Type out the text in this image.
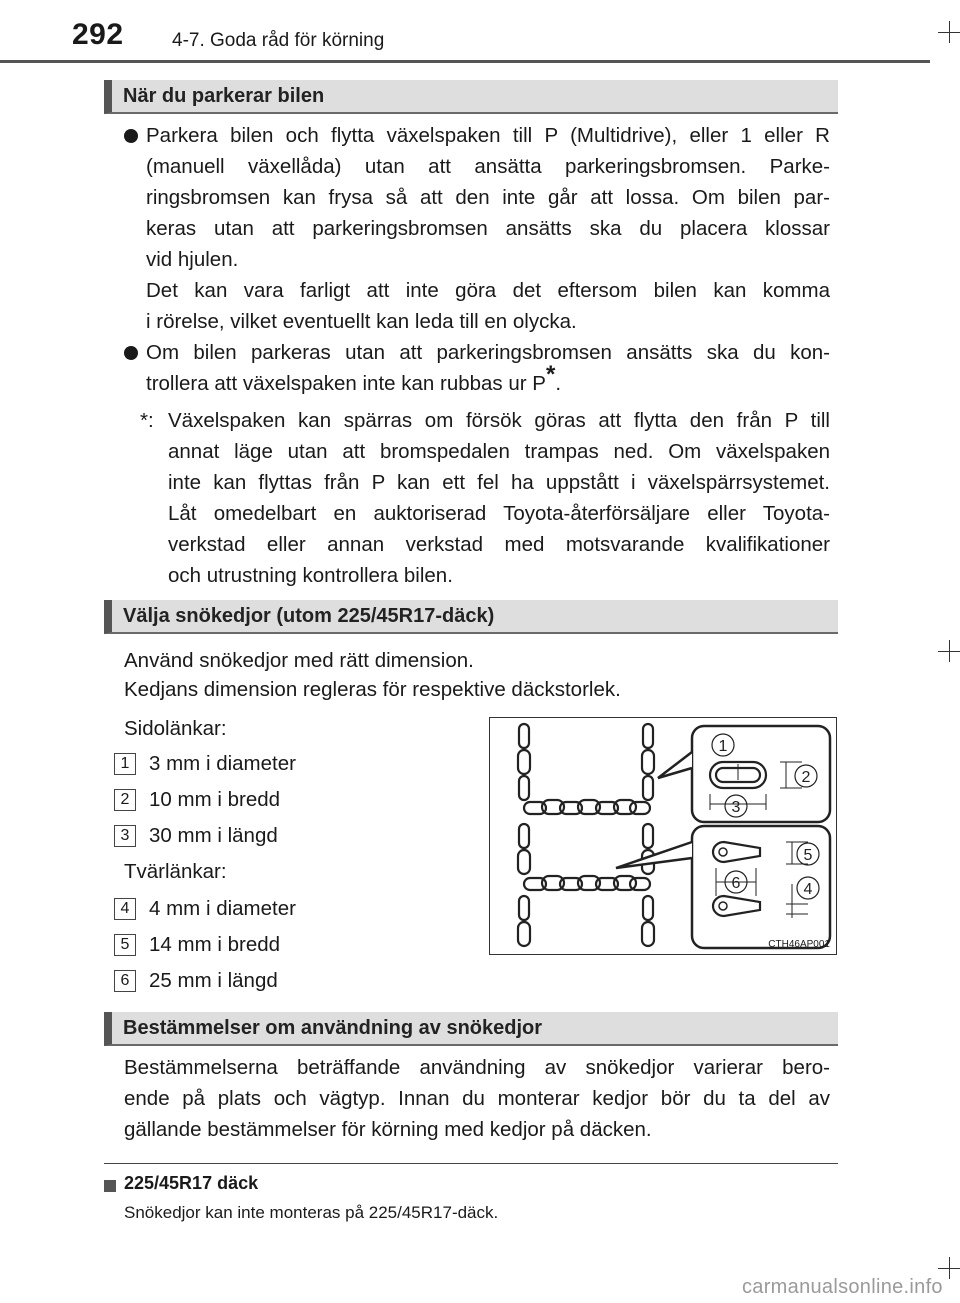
292	4-7. Goda råd för körning
När du parkerar bilen
Parkera bilen och flytta växelspaken till P (Multidrive), eller 1 eller R
(manuell växellåda) utan att ansätta parkeringsbromsen. Parke-
ringsbromsen kan frysa så att den inte går att lossa. Om bilen par-
keras utan att parkeringsbromsen ansätts ska du placera klossar
vid hjulen.
Det kan vara farligt att inte göra det eftersom bilen kan komma
i rörelse, vilket eventuellt kan leda till en olycka.
Om bilen parkeras utan att parkeringsbromsen ansätts ska du kon-
trollera att växelspaken inte kan rubbas ur P*.
*: Växelspaken kan spärras om försök göras att flytta den från P till
annat läge utan att bromspedalen trampas ned. Om växelspaken
inte kan flyttas från P kan ett fel ha uppstått i växelspärrsystemet.
Låt omedelbart en auktoriserad Toyota-återförsäljare eller Toyota-
verkstad eller annan verkstad med motsvarande kvalifikationer
och utrustning kontrollera bilen.
Välja snökedjor (utom 225/45R17-däck)
Använd snökedjor med rätt dimension.
Kedjans dimension regleras för respektive däckstorlek.
Sidolänkar:
1 3 mm i diameter
2 10 mm i bredd
3 30 mm i längd
Tvärlänkar:
4 4 mm i diameter
5 14 mm i bredd
6 25 mm i längd
1
2
3
4
5
6
CTH46AP001
Bestämmelser om användning av snökedjor
Bestämmelserna beträffande användning av snökedjor varierar bero-
ende på plats och vägtyp. Innan du monterar kedjor bör du ta del av
gällande bestämmelser för körning med kedjor på däcken.
225/45R17 däck
Snökedjor kan inte monteras på 225/45R17-däck.
carmanualsonline.info
